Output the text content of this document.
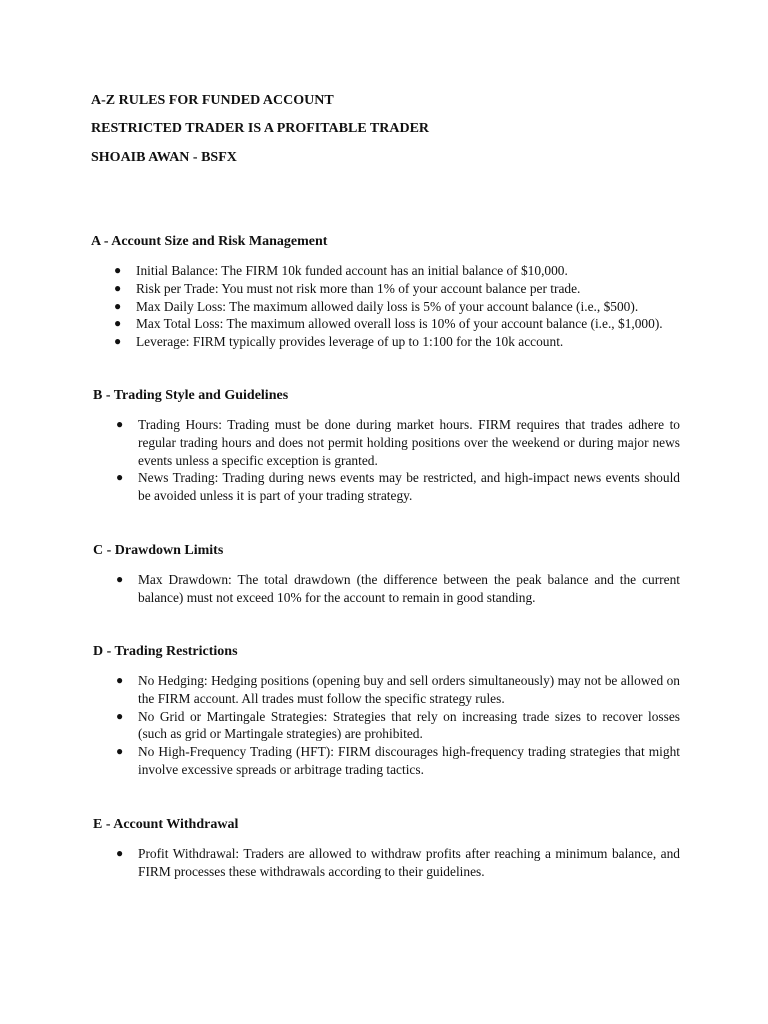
A-Z RULES FOR FUNDED ACCOUNT
RESTRICTED TRADER IS A PROFITABLE TRADER
SHOAIB AWAN - BSFX
A - Account Size and Risk Management
● Initial Balance: The FIRM 10k funded account has an initial balance of $10,000.
● Risk per Trade: You must not risk more than 1% of your account balance per trade.
● Max Daily Loss: The maximum allowed daily loss is 5% of your account balance (i.e., $500).
● Max Total Loss: The maximum allowed overall loss is 10% of your account balance (i.e., $1,000).
● Leverage: FIRM typically provides leverage of up to 1:100 for the 10k account.
B - Trading Style and Guidelines
● Trading Hours: Trading must be done during market hours. FIRM requires that trades adhere to regular trading hours and does not permit holding positions over the weekend or during major news events unless a specific exception is granted.
● News Trading: Trading during news events may be restricted, and high-impact news events should be avoided unless it is part of your trading strategy.
C - Drawdown Limits
● Max Drawdown: The total drawdown (the difference between the peak balance and the current balance) must not exceed 10% for the account to remain in good standing.
D - Trading Restrictions
● No Hedging: Hedging positions (opening buy and sell orders simultaneously) may not be allowed on the FIRM account. All trades must follow the specific strategy rules.
● No Grid or Martingale Strategies: Strategies that rely on increasing trade sizes to recover losses (such as grid or Martingale strategies) are prohibited.
● No High-Frequency Trading (HFT): FIRM discourages high-frequency trading strategies that might involve excessive spreads or arbitrage trading tactics.
E - Account Withdrawal
● Profit Withdrawal: Traders are allowed to withdraw profits after reaching a minimum balance, and FIRM processes these withdrawals according to their guidelines.
